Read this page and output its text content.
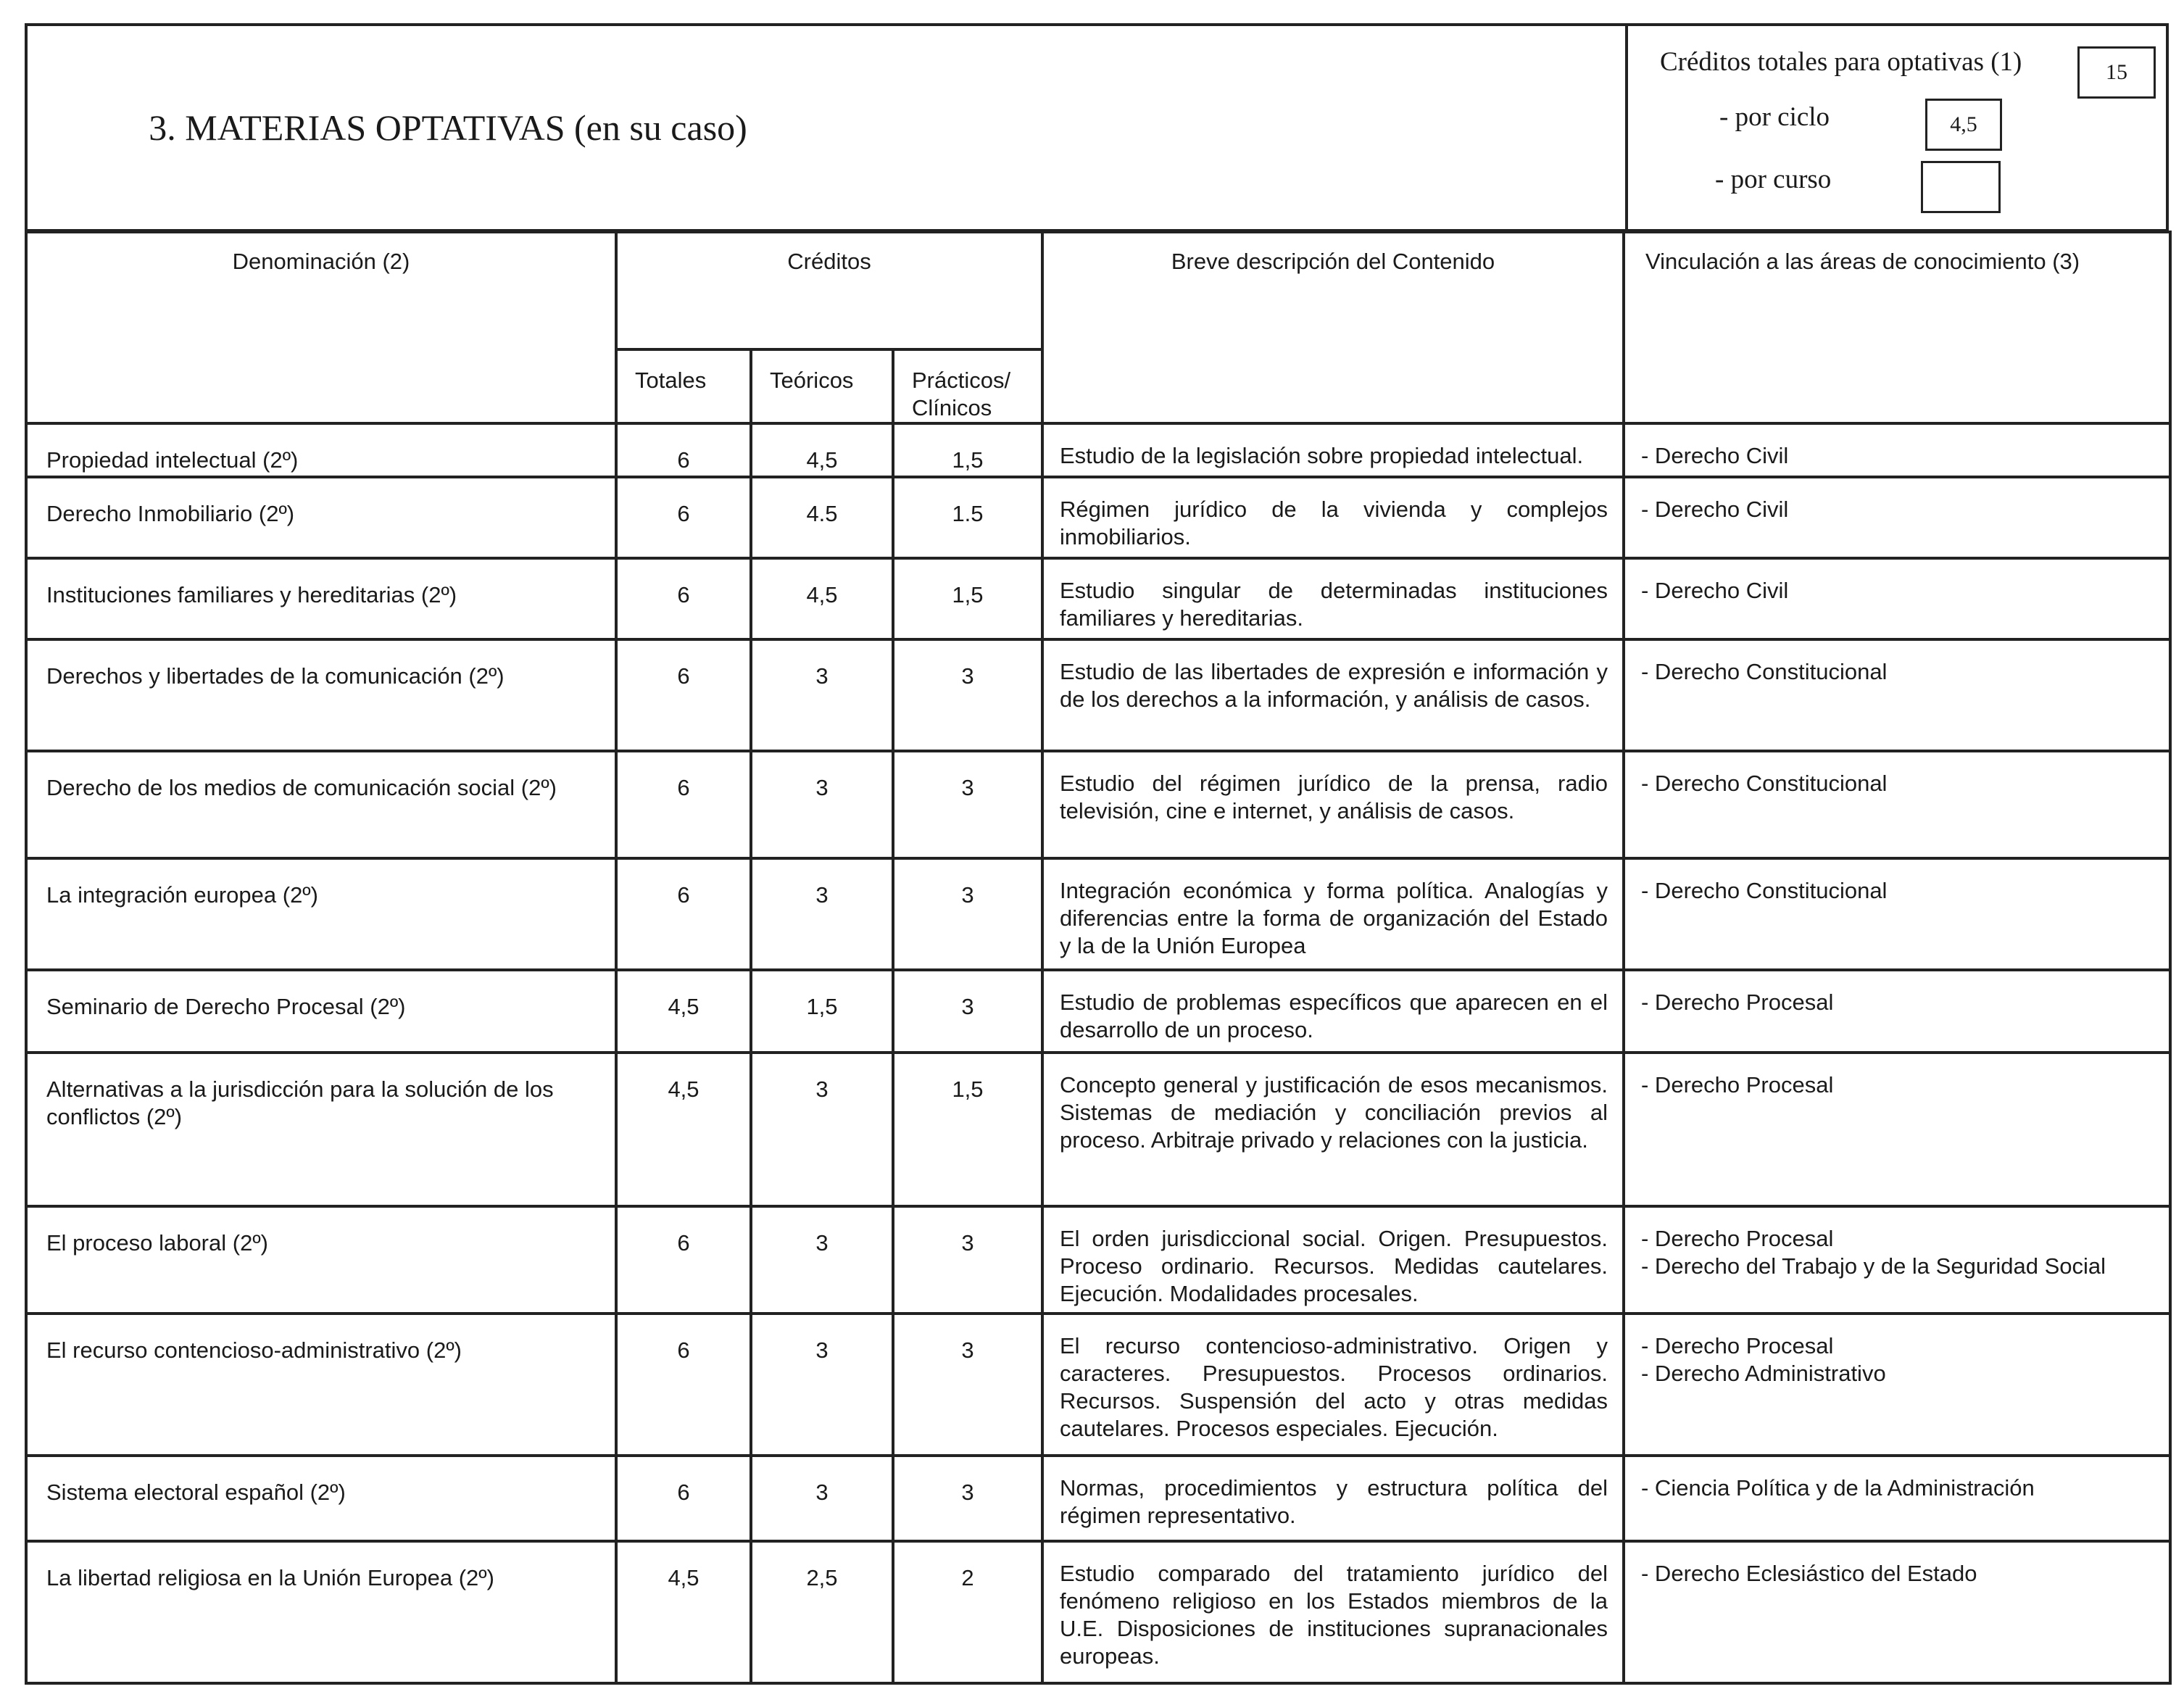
3. MATERIAS OPTATIVAS (en su caso)
Créditos totales para optativas (1)	15
- por ciclo	4,5
- por curso
Denominación (2)	Créditos			Breve descripción del Contenido	Vinculación a las áreas de conocimiento (3)
	Totales	Teóricos	Prácticos/ Clínicos		
Propiedad intelectual (2º)	6	4,5	1,5	Estudio de la legislación sobre propiedad intelectual.	- Derecho Civil

Derecho Inmobiliario (2º)	6	4.5	1.5	Régimen jurídico de la vivienda y complejos inmobiliarios.	- Derecho Civil

Instituciones familiares y hereditarias (2º)	6	4,5	1,5	Estudio singular de determinadas instituciones familiares y hereditarias.	- Derecho Civil

Derechos y libertades de la comunicación (2º)	6	3	3	Estudio de las libertades de expresión e información y de los derechos a la información, y análisis de casos.	- Derecho Constitucional

Derecho de los medios de comunicación social (2º)	6	3	3	Estudio del régimen jurídico de la prensa, radio televisión, cine e internet, y análisis de casos.	- Derecho Constitucional

La integración europea (2º)	6	3	3	Integración económica y forma política. Analogías y diferencias entre la forma de organización del Estado y la de la Unión Europea	- Derecho Constitucional

Seminario de Derecho Procesal (2º)	4,5	1,5	3	Estudio de problemas específicos que aparecen en el desarrollo de un proceso.	- Derecho Procesal

Alternativas a la jurisdicción para la solución de los conflictos (2º)	4,5	3	1,5	Concepto general y justificación de esos mecanismos. Sistemas de mediación y conciliación previos al proceso. Arbitraje privado y relaciones con la justicia.	- Derecho Procesal

El proceso laboral (2º)	6	3	3	El orden jurisdiccional social. Origen. Presupuestos. Proceso ordinario. Recursos. Medidas cautelares. Ejecución. Modalidades procesales.	- Derecho Procesal
- Derecho del Trabajo y de la Seguridad Social

El recurso contencioso-administrativo (2º)	6	3	3	El recurso contencioso-administrativo. Origen y caracteres. Presupuestos. Procesos ordinarios. Recursos. Suspensión del acto y otras medidas cautelares. Procesos especiales. Ejecución.	- Derecho Procesal
- Derecho Administrativo

Sistema electoral español (2º)	6	3	3	Normas, procedimientos y estructura política del régimen representativo.	- Ciencia Política y de la Administración

La libertad religiosa en la Unión Europea (2º)	4,5	2,5	2	Estudio comparado del tratamiento jurídico del fenómeno religioso en los Estados miembros de la U.E. Disposiciones de instituciones supranacionales europeas.	- Derecho Eclesiástico del Estado
